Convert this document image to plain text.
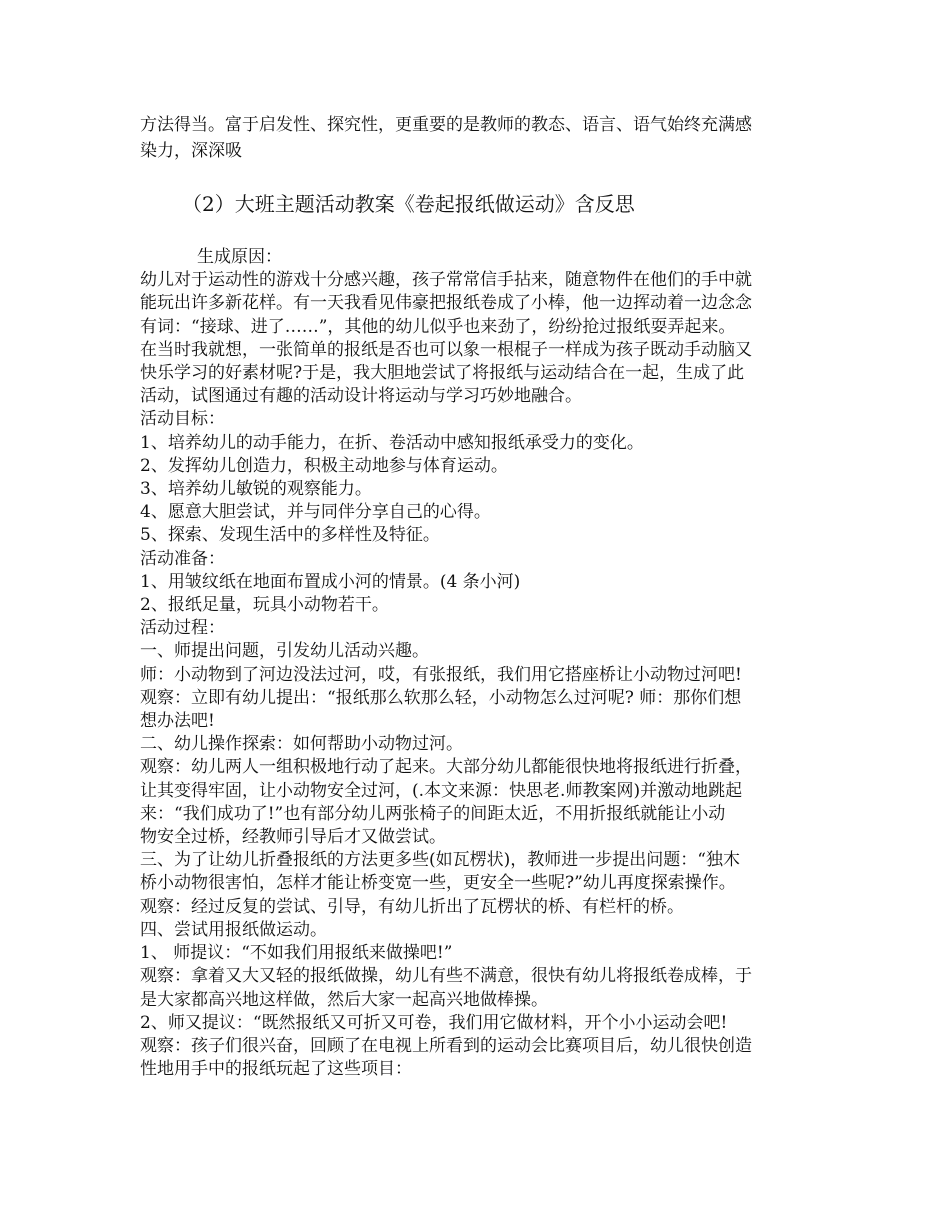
方法得当。富于启发性、探究性，更重要的是教师的教态、语言、语气始终充满感
染力，深深吸
（2）大班主题活动教案《卷起报纸做运动》含反思
生成原因：
幼儿对于运动性的游戏十分感兴趣，孩子常常信手拈来，随意物件在他们的手中就
能玩出许多新花样。有一天我看见伟豪把报纸卷成了小棒，他一边挥动着一边念念
有词：“接球、进了……”，其他的幼儿似乎也来劲了，纷纷抢过报纸耍弄起来。
在当时我就想，一张简单的报纸是否也可以象一根棍子一样成为孩子既动手动脑又
快乐学习的好素材呢?于是，我大胆地尝试了将报纸与运动结合在一起，生成了此
活动，试图通过有趣的活动设计将运动与学习巧妙地融合。
活动目标：
1、培养幼儿的动手能力，在折、卷活动中感知报纸承受力的变化。
2、发挥幼儿创造力，积极主动地参与体育运动。
3、培养幼儿敏锐的观察能力。
4、愿意大胆尝试，并与同伴分享自己的心得。
5、探索、发现生活中的多样性及特征。
活动准备：
1、用皱纹纸在地面布置成小河的情景。(4 条小河)
2、报纸足量，玩具小动物若干。
活动过程：
一、师提出问题，引发幼儿活动兴趣。
师：小动物到了河边没法过河，哎，有张报纸，我们用它搭座桥让小动物过河吧!
观察：立即有幼儿提出：“报纸那么软那么轻，小动物怎么过河呢? 师：那你们想
想办法吧!
二、幼儿操作探索：如何帮助小动物过河。
观察：幼儿两人一组积极地行动了起来。大部分幼儿都能很快地将报纸进行折叠，
让其变得牢固，让小动物安全过河，(.本文来源：快思老.师教案网)并激动地跳起
来：“我们成功了!”也有部分幼儿两张椅子的间距太近，不用折报纸就能让小动
物安全过桥，经教师引导后才又做尝试。
三、为了让幼儿折叠报纸的方法更多些(如瓦楞状)，教师进一步提出问题：“独木
桥小动物很害怕，怎样才能让桥变宽一些，更安全一些呢?”幼儿再度探索操作。
观察：经过反复的尝试、引导，有幼儿折出了瓦楞状的桥、有栏杆的桥。
四、尝试用报纸做运动。
1、 师提议：“不如我们用报纸来做操吧!”
观察：拿着又大又轻的报纸做操，幼儿有些不满意，很快有幼儿将报纸卷成棒，于
是大家都高兴地这样做，然后大家一起高兴地做棒操。
2、师又提议：“既然报纸又可折又可卷，我们用它做材料，开个小小运动会吧!
观察：孩子们很兴奋，回顾了在电视上所看到的运动会比赛项目后，幼儿很快创造
性地用手中的报纸玩起了这些项目：
